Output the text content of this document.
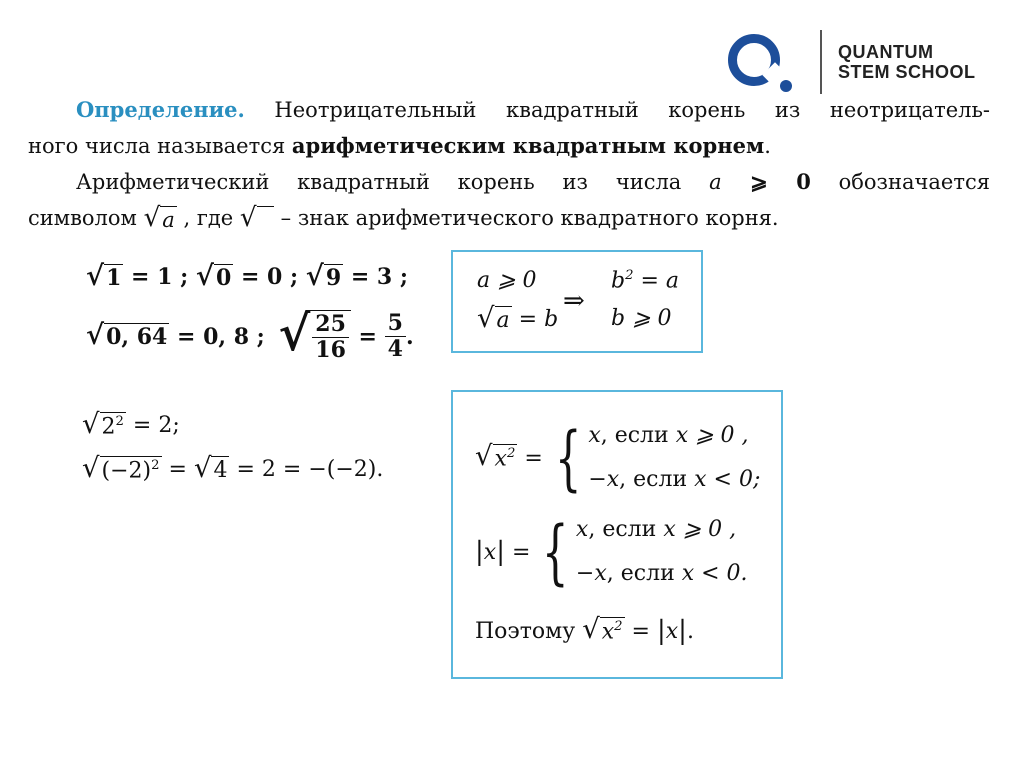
QUANTUM
STEM SCHOOL
Определение. Неотрицательный квадратный корень из неотрицатель-
ного числа называется арифметическим квадратным корнем.
Арифметический квадратный корень из числа a ⩾ 0 обозначается
символом √ a , где √
– знак арифметического квадратного корня.
√ 1 = 1 ; √ 0 = 0 ; √ 9 = 3 ;
√ 0, 64 = 0, 8 ; √ $\frac{25}{16} = \frac{5}{4}$ .
√ $2^2 = 2$;
√ $(-2)^2$ = √ 4 = 2 = −(−2).
a ⩾ 0
√ a = b
⇒
$b^2 = a$
b ⩾ 0
√ $x^2$ = { x, если x ⩾ 0 ,
−x, если x < 0;
| x | = { x, если x ⩾ 0 ,
−x, если x < 0.
Поэтому √ $x^2$ = | x | .
